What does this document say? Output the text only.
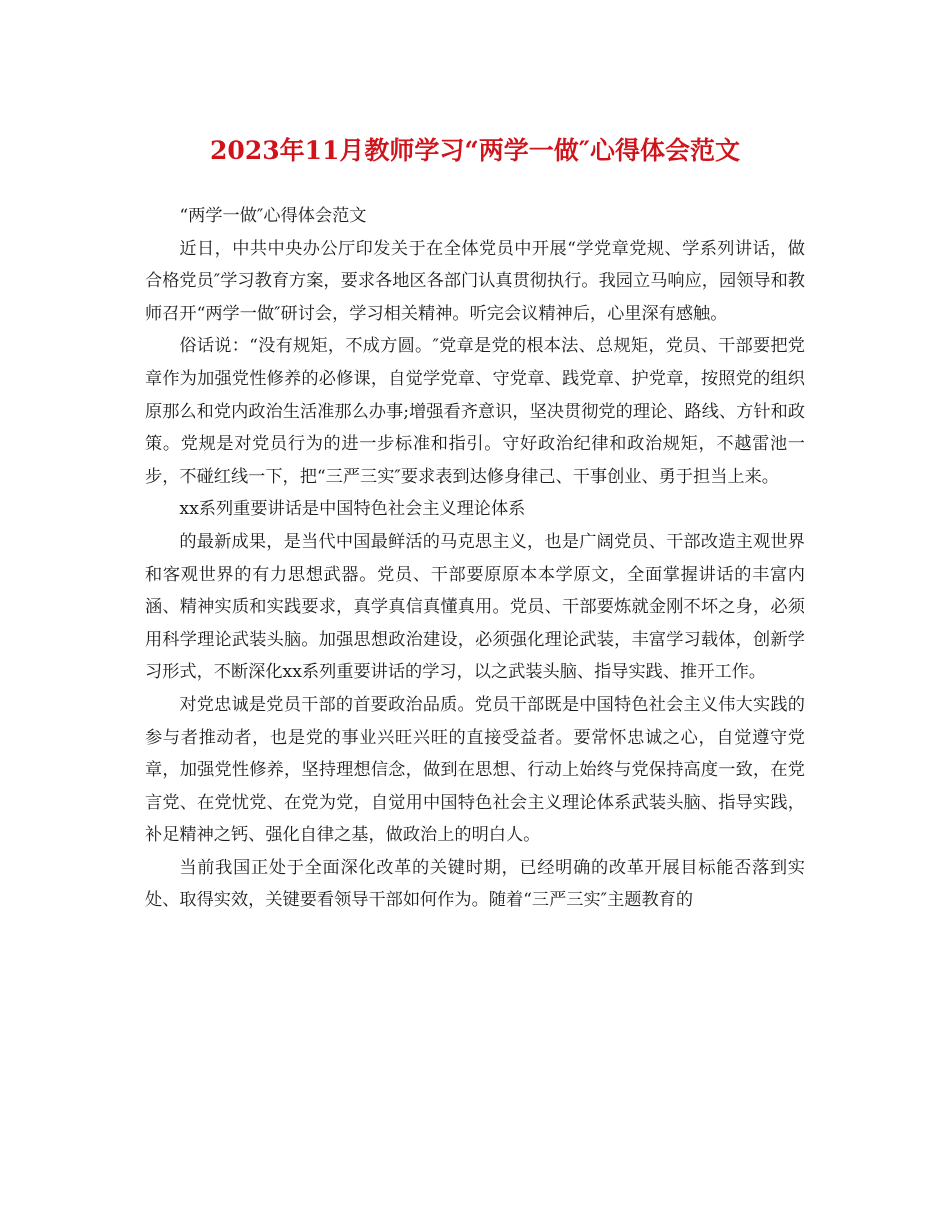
2023年11月教师学习“两学一做″心得体会范文

“两学一做″心得体会范文

近日，中共中央办公厅印发关于在全体党员中开展“学党章党规、学系列讲话，做合格党员″学习教育方案，要求各地区各部门认真贯彻执行。我园立马响应，园领导和教师召开“两学一做″研讨会，学习相关精神。听完会议精神后，心里深有感触。

俗话说：“没有规矩，不成方圆。″党章是党的根本法、总规矩，党员、干部要把党章作为加强党性修养的必修课，自觉学党章、守党章、践党章、护党章，按照党的组织原那么和党内政治生活准那么办事;增强看齐意识，坚决贯彻党的理论、路线、方针和政策。党规是对党员行为的进一步标准和指引。守好政治纪律和政治规矩，不越雷池一步，不碰红线一下，把“三严三实″要求表到达修身律己、干事创业、勇于担当上来。

xx系列重要讲话是中国特色社会主义理论体系

的最新成果，是当代中国最鲜活的马克思主义，也是广阔党员、干部改造主观世界和客观世界的有力思想武器。党员、干部要原原本本学原文，全面掌握讲话的丰富内涵、精神实质和实践要求，真学真信真懂真用。党员、干部要炼就金刚不坏之身，必须用科学理论武装头脑。加强思想政治建设，必须强化理论武装，丰富学习载体，创新学习形式，不断深化xx系列重要讲话的学习，以之武装头脑、指导实践、推开工作。

对党忠诚是党员干部的首要政治品质。党员干部既是中国特色社会主义伟大实践的参与者推动者，也是党的事业兴旺兴旺的直接受益者。要常怀忠诚之心，自觉遵守党章，加强党性修养，坚持理想信念，做到在思想、行动上始终与党保持高度一致，在党言党、在党忧党、在党为党，自觉用中国特色社会主义理论体系武装头脑、指导实践，补足精神之钙、强化自律之基，做政治上的明白人。

当前我国正处于全面深化改革的关键时期，已经明确的改革开展目标能否落到实处、取得实效，关键要看领导干部如何作为。随着“三严三实″主题教育的
